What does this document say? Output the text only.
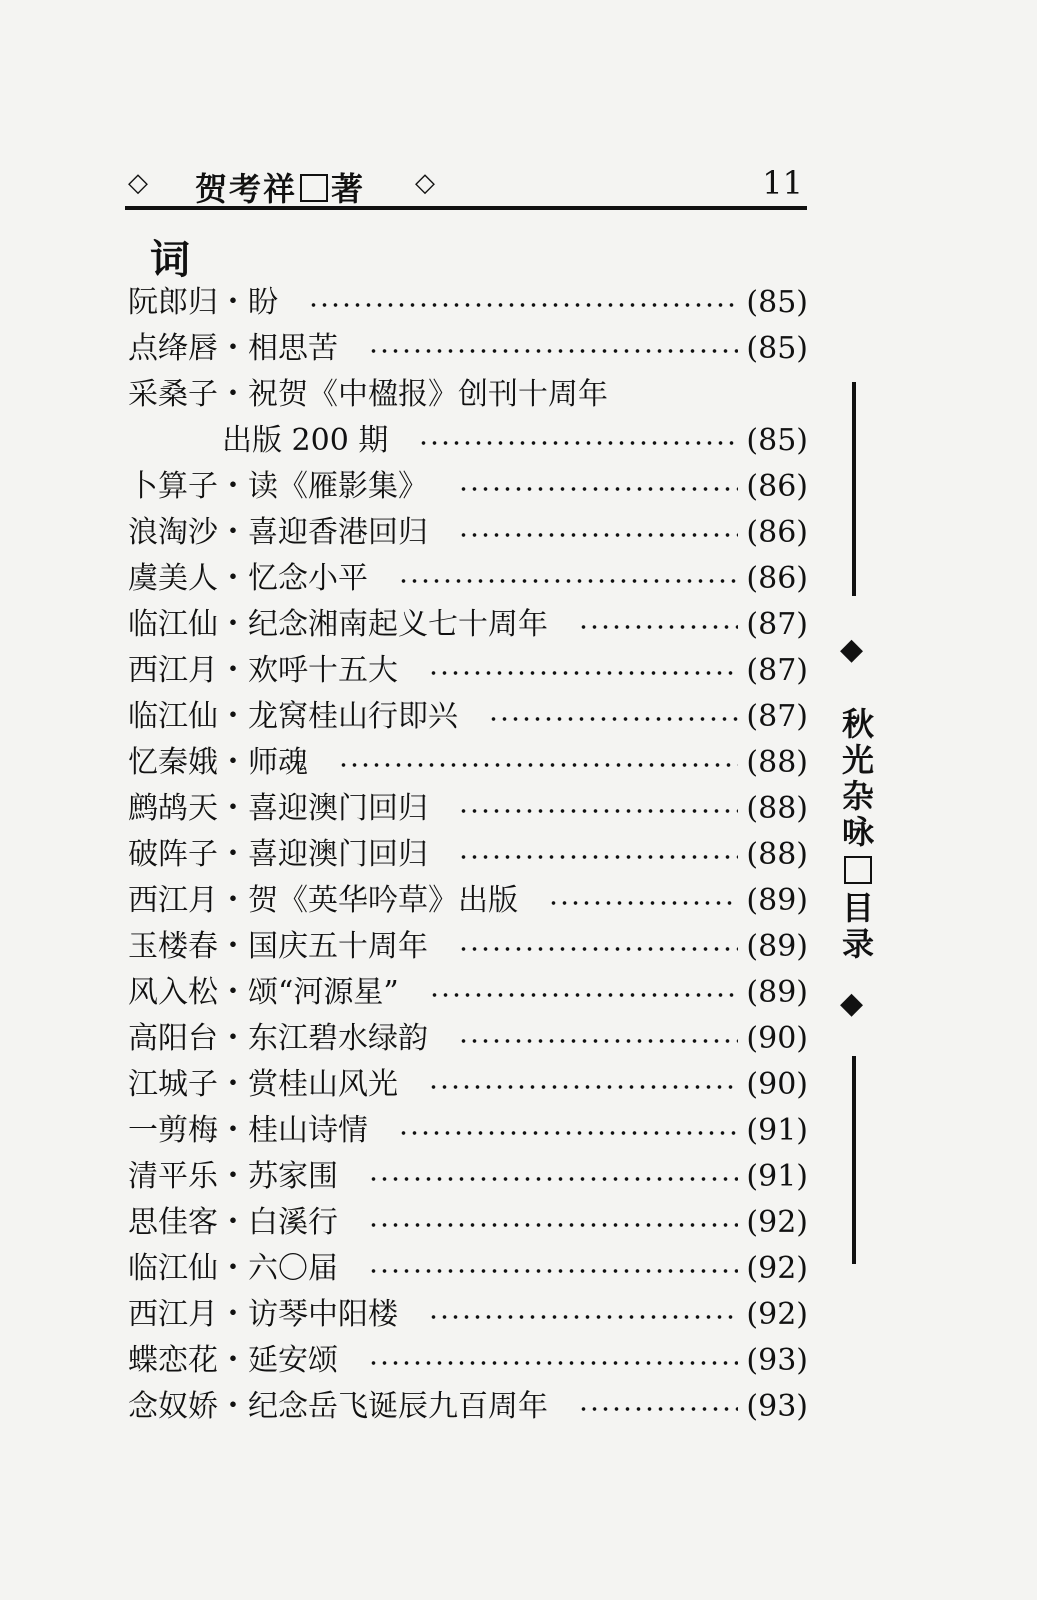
◇ 贺考祥 著 ◇	11
词
阮郎归・盼	(85)
点绛唇・相思苦	(85)
采桑子・祝贺《中楹报》创刊十周年
出版 200 期	(85)
卜算子・读《雁影集》	(86)
浪淘沙・喜迎香港回归	(86)
虞美人・忆念小平	(86)
临江仙・纪念湘南起义七十周年	(87)
西江月・欢呼十五大	(87)
临江仙・龙窝桂山行即兴	(87)
忆秦娥・师魂	(88)
鹧鸪天・喜迎澳门回归	(88)
破阵子・喜迎澳门回归	(88)
西江月・贺《英华吟草》出版	(89)
玉楼春・国庆五十周年	(89)
风入松・颂“河源星”	(89)
高阳台・东江碧水绿韵	(90)
江城子・赏桂山风光	(90)
一剪梅・桂山诗情	(91)
清平乐・苏家围	(91)
思佳客・白溪行	(92)
临江仙・六〇届	(92)
西江月・访琴中阳楼	(92)
蝶恋花・延安颂	(93)
念奴娇・纪念岳飞诞辰九百周年	(93)
◆
秋
光
杂
咏
目
录
◆
